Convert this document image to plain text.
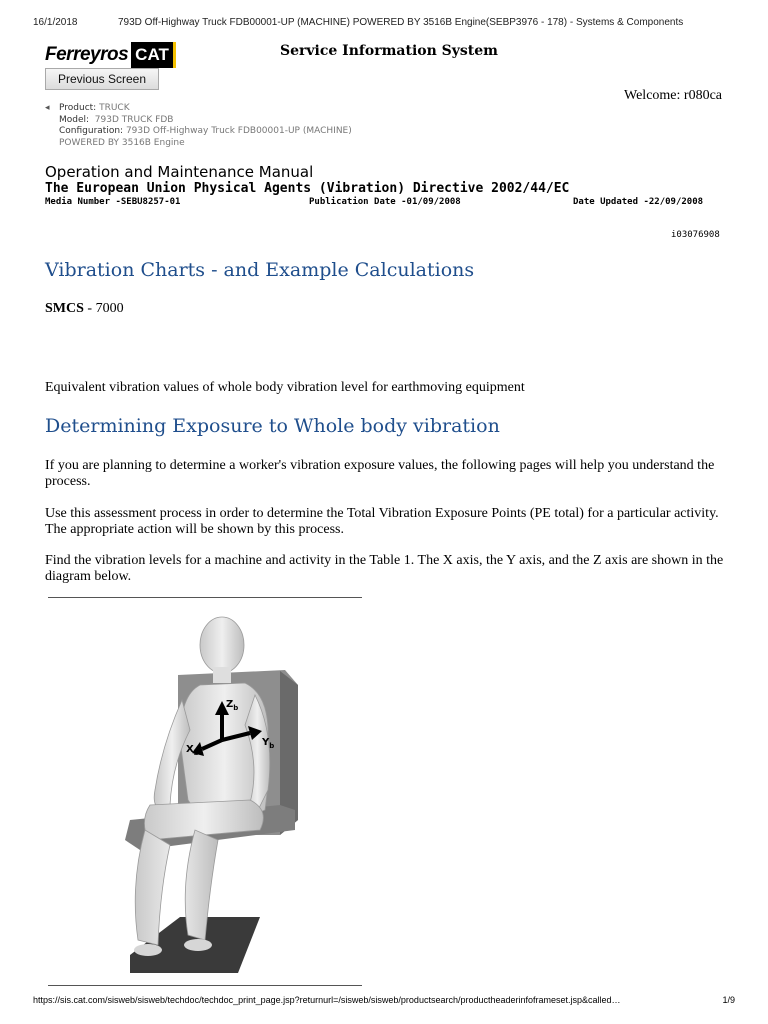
16/1/2018	793D Off-Highway Truck FDB00001-UP (MACHINE) POWERED BY 3516B Engine(SEBP3976 - 178) - Systems & Components
Ferreyros CAT	Service Information System
Previous Screen
Welcome: r080ca
◂ Product: TRUCK
Model: 793D TRUCK FDB
Configuration: 793D Off-Highway Truck FDB00001-UP (MACHINE)
POWERED BY 3516B Engine
Operation and Maintenance Manual
The European Union Physical Agents (Vibration) Directive 2002/44/EC
Media Number -SEBU8257-01	Publication Date -01/09/2008	Date Updated -22/09/2008
i03076908
Vibration Charts - and Example Calculations
SMCS - 7000
Equivalent vibration values of whole body vibration level for earthmoving equipment
Determining Exposure to Whole body vibration
If you are planning to determine a worker's vibration exposure values, the following pages will help you understand the process.
Use this assessment process in order to determine the Total Vibration Exposure Points (PE total) for a particular activity. The appropriate action will be shown by this process.
Find the vibration levels for a machine and activity in the Table 1. The X axis, the Y axis, and the Z axis are shown in the diagram below.
$Z_b$
$Y_b$
$X_b$
https://sis.cat.com/sisweb/sisweb/techdoc/techdoc_print_page.jsp?returnurl=/sisweb/sisweb/productsearch/productheaderinfoframeset.jsp&called…	1/9
